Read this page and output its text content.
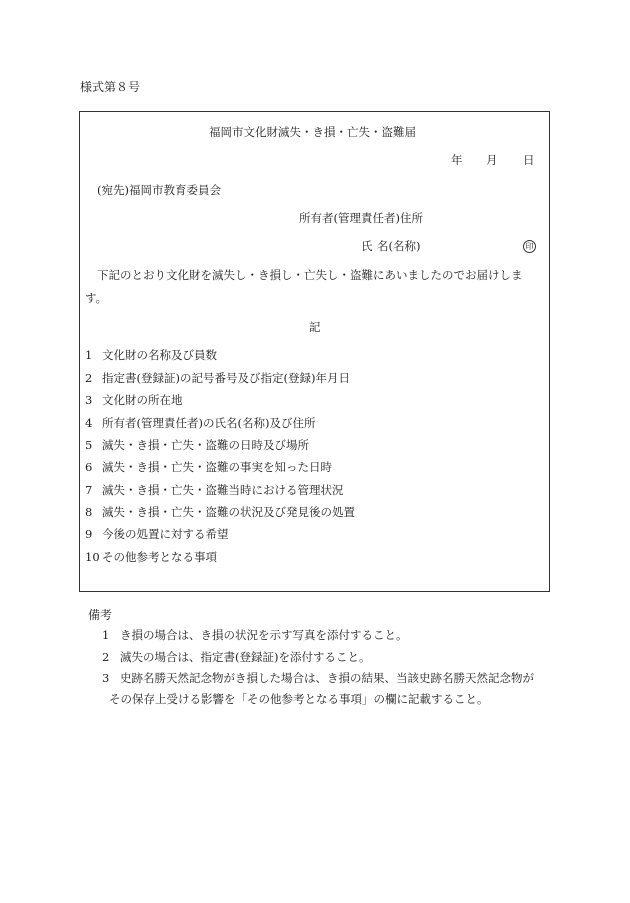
様式第８号
福岡市文化財滅失・き損・亡失・盗難届
年 月 日
(宛先)福岡市教育委員会
所有者(管理責任者)住所
氏 名(名称)	印
下記のとおり文化財を滅失し・き損し・亡失し・盗難にあいましたのでお届けしま
す。
記
1 文化財の名称及び員数
2 指定書(登録証)の記号番号及び指定(登録)年月日
3 文化財の所在地
4 所有者(管理責任者)の氏名(名称)及び住所
5 滅失・き損・亡失・盗難の日時及び場所
6 滅失・き損・亡失・盗難の事実を知った日時
7 滅失・き損・亡失・盗難当時における管理状況
8 滅失・き損・亡失・盗難の状況及び発見後の処置
9 今後の処置に対する希望
10 その他参考となる事項
備考
1 き損の場合は、き損の状況を示す写真を添付すること。
2 滅失の場合は、指定書(登録証)を添付すること。
3 史跡名勝天然記念物がき損した場合は、き損の結果、当該史跡名勝天然記念物が
その保存上受ける影響を「その他参考となる事項」の欄に記載すること。
